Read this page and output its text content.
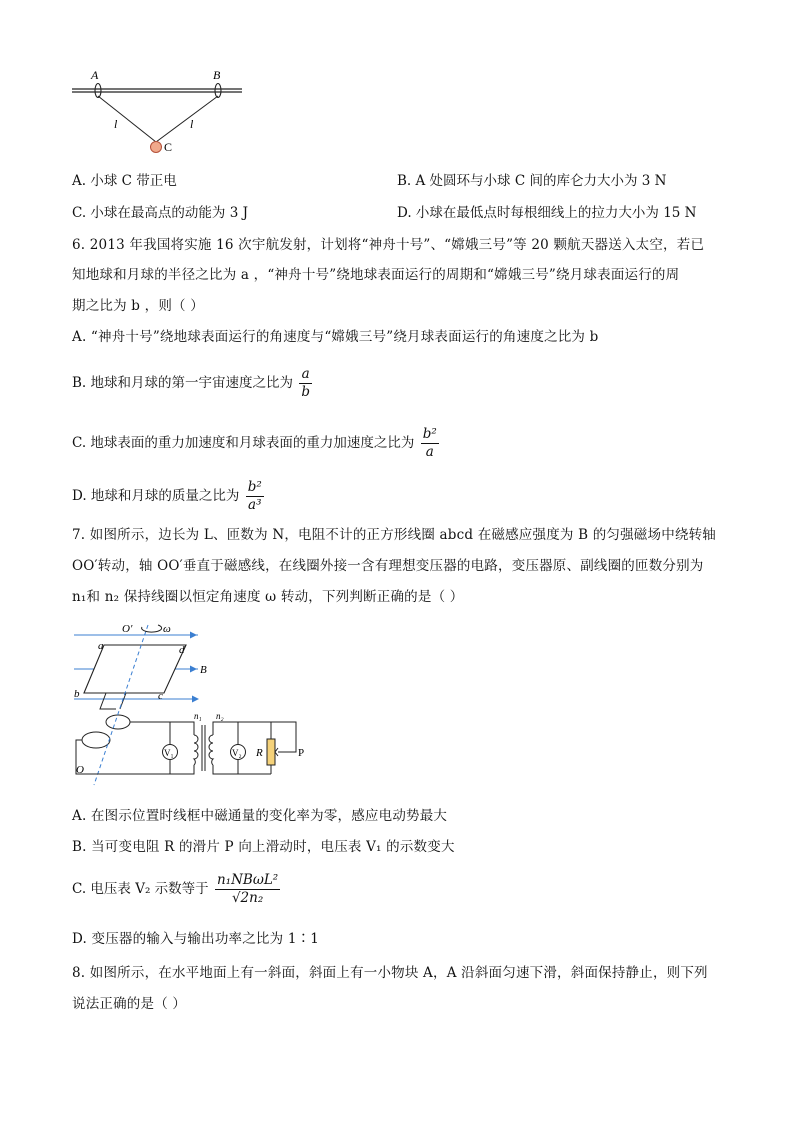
A	B
l	l
C
A. 小球 C 带正电	B. A 处圆环与小球 C 间的库仑力大小为 3 N
C. 小球在最高点的动能为 3 J	D. 小球在最低点时每根细线上的拉力大小为 15 N
6. 2013 年我国将实施 16 次宇航发射，计划将“神舟十号”、“嫦娥三号”等 20 颗航天器送入太空，若已
知地球和月球的半径之比为 a ，“神舟十号”绕地球表面运行的周期和“嫦娥三号”绕月球表面运行的周
期之比为 b ，则（ ）
A. “神舟十号”绕地球表面运行的角速度与“嫦娥三号”绕月球表面运行的角速度之比为 b
B. 地球和月球的第一宇宙速度之比为 $\frac{a}{b}$
C. 地球表面的重力加速度和月球表面的重力加速度之比为 $\frac{\text{b²}}{a}$
D. 地球和月球的质量之比为 $\frac{\text{b²}}{\text{a³}}$
7. 如图所示，边长为 L、匝数为 N，电阻不计的正方形线圈 abcd 在磁感应强度为 B 的匀强磁场中绕转轴
OO′转动，轴 OO′垂直于磁感线，在线圈外接一含有理想变压器的电路，变压器原、副线圈的匝数分别为
n₁和 n₂ 保持线圈以恒定角速度 ω 转动，下列判断正确的是（ ）
O′	ω
a	d
B
b	c
n₁ n₂
O
V₁	V₂ R	P
A. 在图示位置时线框中磁通量的变化率为零，感应电动势最大
B. 当可变电阻 R 的滑片 P 向上滑动时，电压表 V₁ 的示数变大
C. 电压表 V₂ 示数等于 $\frac{\text{n₁NBωL²}}{\text{√2n₂}}$
D. 变压器的输入与输出功率之比为 1∶1
8. 如图所示，在水平地面上有一斜面，斜面上有一小物块 A，A 沿斜面匀速下滑，斜面保持静止，则下列
说法正确的是（ ）
